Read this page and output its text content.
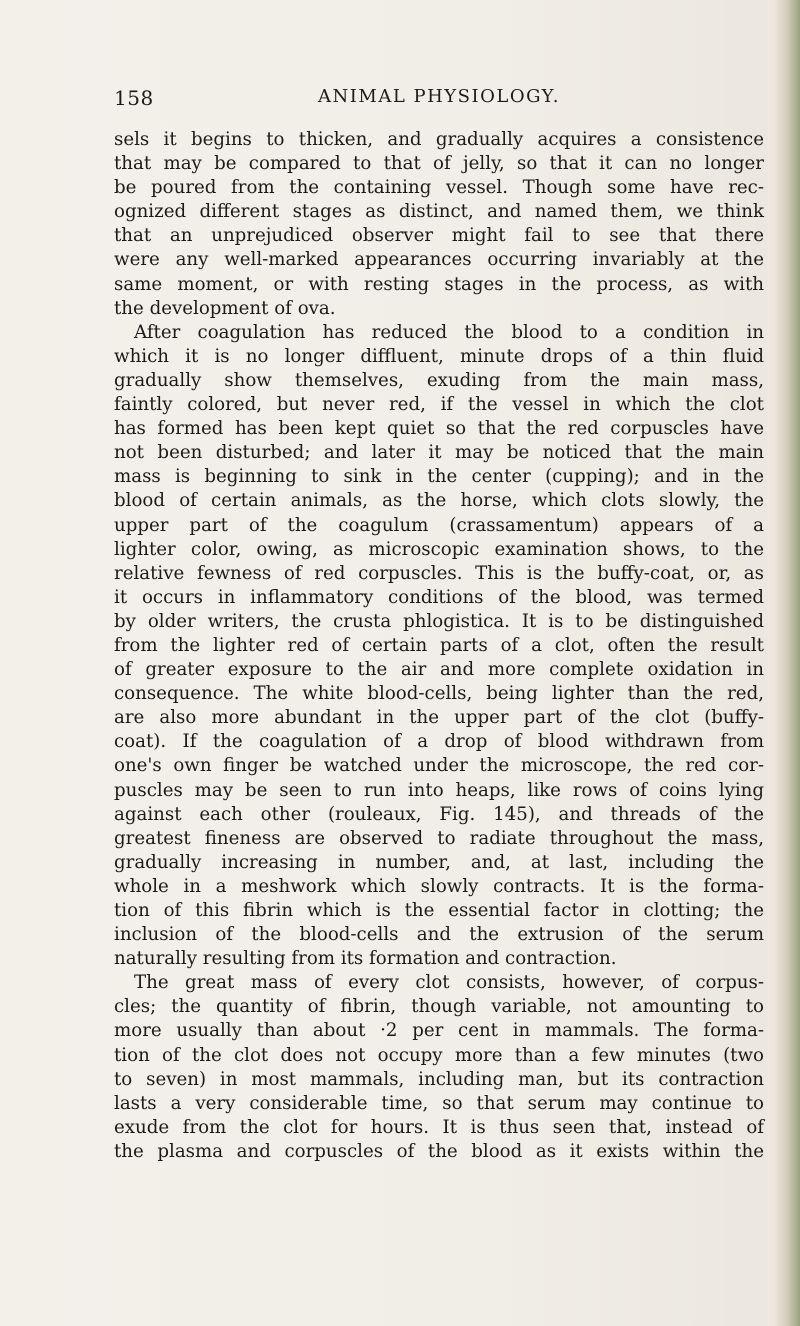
158	ANIMAL PHYSIOLOGY.
sels it begins to thicken, and gradually acquires a consistence
that may be compared to that of jelly, so that it can no longer
be poured from the containing vessel. Though some have rec-
ognized different stages as distinct, and named them, we think
that an unprejudiced observer might fail to see that there
were any well-marked appearances occurring invariably at the
same moment, or with resting stages in the process, as with
the development of ova.
After coagulation has reduced the blood to a condition in
which it is no longer diffluent, minute drops of a thin fluid
gradually show themselves, exuding from the main mass,
faintly colored, but never red, if the vessel in which the clot
has formed has been kept quiet so that the red corpuscles have
not been disturbed; and later it may be noticed that the main
mass is beginning to sink in the center (cupping); and in the
blood of certain animals, as the horse, which clots slowly, the
upper part of the coagulum (crassamentum) appears of a
lighter color, owing, as microscopic examination shows, to the
relative fewness of red corpuscles. This is the buffy-coat, or, as
it occurs in inflammatory conditions of the blood, was termed
by older writers, the crusta phlogistica. It is to be distinguished
from the lighter red of certain parts of a clot, often the result
of greater exposure to the air and more complete oxidation in
consequence. The white blood-cells, being lighter than the red,
are also more abundant in the upper part of the clot (buffy-
coat). If the coagulation of a drop of blood withdrawn from
one's own finger be watched under the microscope, the red cor-
puscles may be seen to run into heaps, like rows of coins lying
against each other (rouleaux, Fig. 145), and threads of the
greatest fineness are observed to radiate throughout the mass,
gradually increasing in number, and, at last, including the
whole in a meshwork which slowly contracts. It is the forma-
tion of this fibrin which is the essential factor in clotting; the
inclusion of the blood-cells and the extrusion of the serum
naturally resulting from its formation and contraction.
The great mass of every clot consists, however, of corpus-
cles; the quantity of fibrin, though variable, not amounting to
more usually than about ·2 per cent in mammals. The forma-
tion of the clot does not occupy more than a few minutes (two
to seven) in most mammals, including man, but its contraction
lasts a very considerable time, so that serum may continue to
exude from the clot for hours. It is thus seen that, instead of
the plasma and corpuscles of the blood as it exists within the
